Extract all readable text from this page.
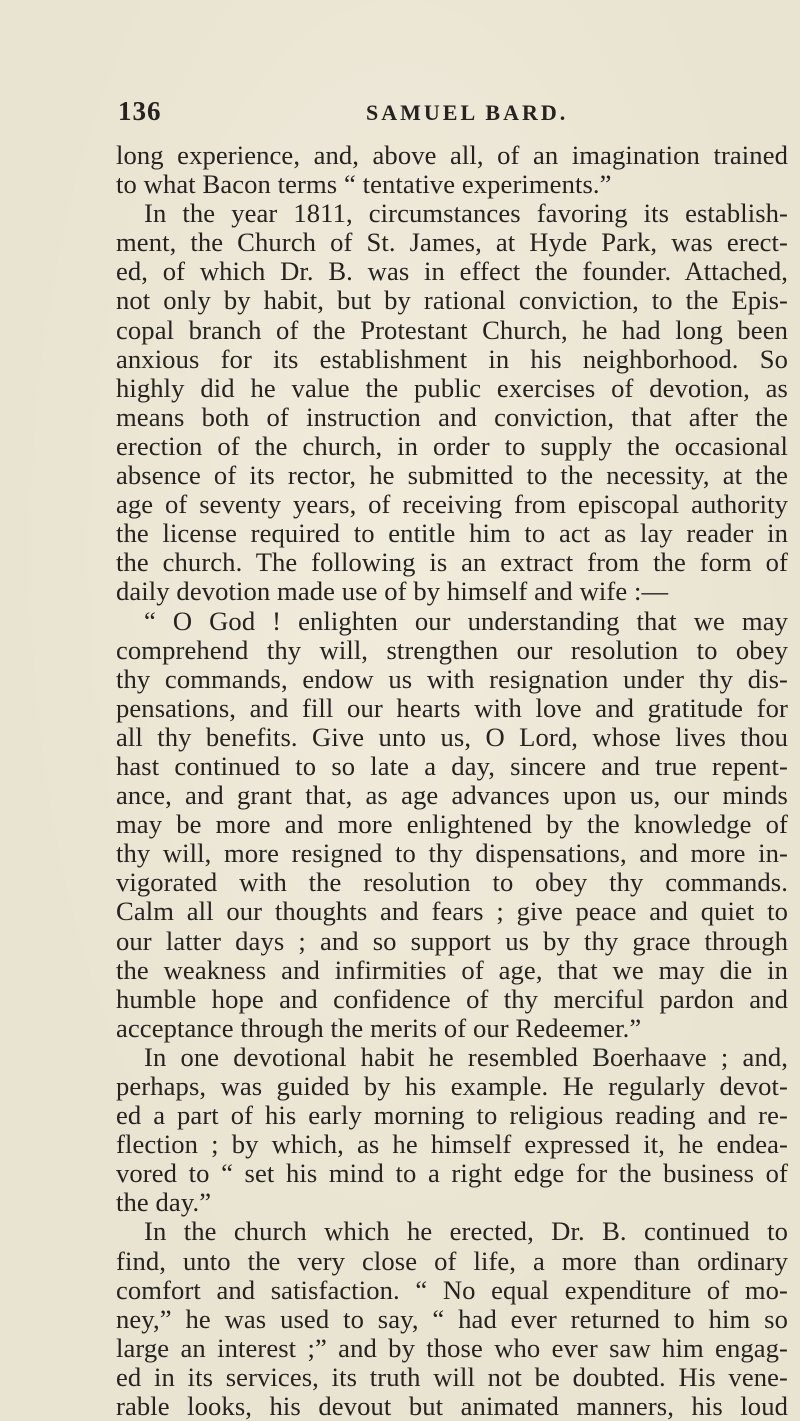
136	SAMUEL BARD.
long experience, and, above all, of an imagination trained
to what Bacon terms “ tentative experiments.”
In the year 1811, circumstances favoring its establish-
ment, the Church of St. James, at Hyde Park, was erect-
ed, of which Dr. B. was in effect the founder. Attached,
not only by habit, but by rational conviction, to the Epis-
copal branch of the Protestant Church, he had long been
anxious for its establishment in his neighborhood. So
highly did he value the public exercises of devotion, as
means both of instruction and conviction, that after the
erection of the church, in order to supply the occasional
absence of its rector, he submitted to the necessity, at the
age of seventy years, of receiving from episcopal authority
the license required to entitle him to act as lay reader in
the church. The following is an extract from the form of
daily devotion made use of by himself and wife :—
“ O God ! enlighten our understanding that we may
comprehend thy will, strengthen our resolution to obey
thy commands, endow us with resignation under thy dis-
pensations, and fill our hearts with love and gratitude for
all thy benefits. Give unto us, O Lord, whose lives thou
hast continued to so late a day, sincere and true repent-
ance, and grant that, as age advances upon us, our minds
may be more and more enlightened by the knowledge of
thy will, more resigned to thy dispensations, and more in-
vigorated with the resolution to obey thy commands.
Calm all our thoughts and fears ; give peace and quiet to
our latter days ; and so support us by thy grace through
the weakness and infirmities of age, that we may die in
humble hope and confidence of thy merciful pardon and
acceptance through the merits of our Redeemer.”
In one devotional habit he resembled Boerhaave ; and,
perhaps, was guided by his example. He regularly devot-
ed a part of his early morning to religious reading and re-
flection ; by which, as he himself expressed it, he endea-
vored to “ set his mind to a right edge for the business of
the day.”
In the church which he erected, Dr. B. continued to
find, unto the very close of life, a more than ordinary
comfort and satisfaction. “ No equal expenditure of mo-
ney,” he was used to say, “ had ever returned to him so
large an interest ;” and by those who ever saw him engag-
ed in its services, its truth will not be doubted. His vene-
rable looks, his devout but animated manners, his loud
